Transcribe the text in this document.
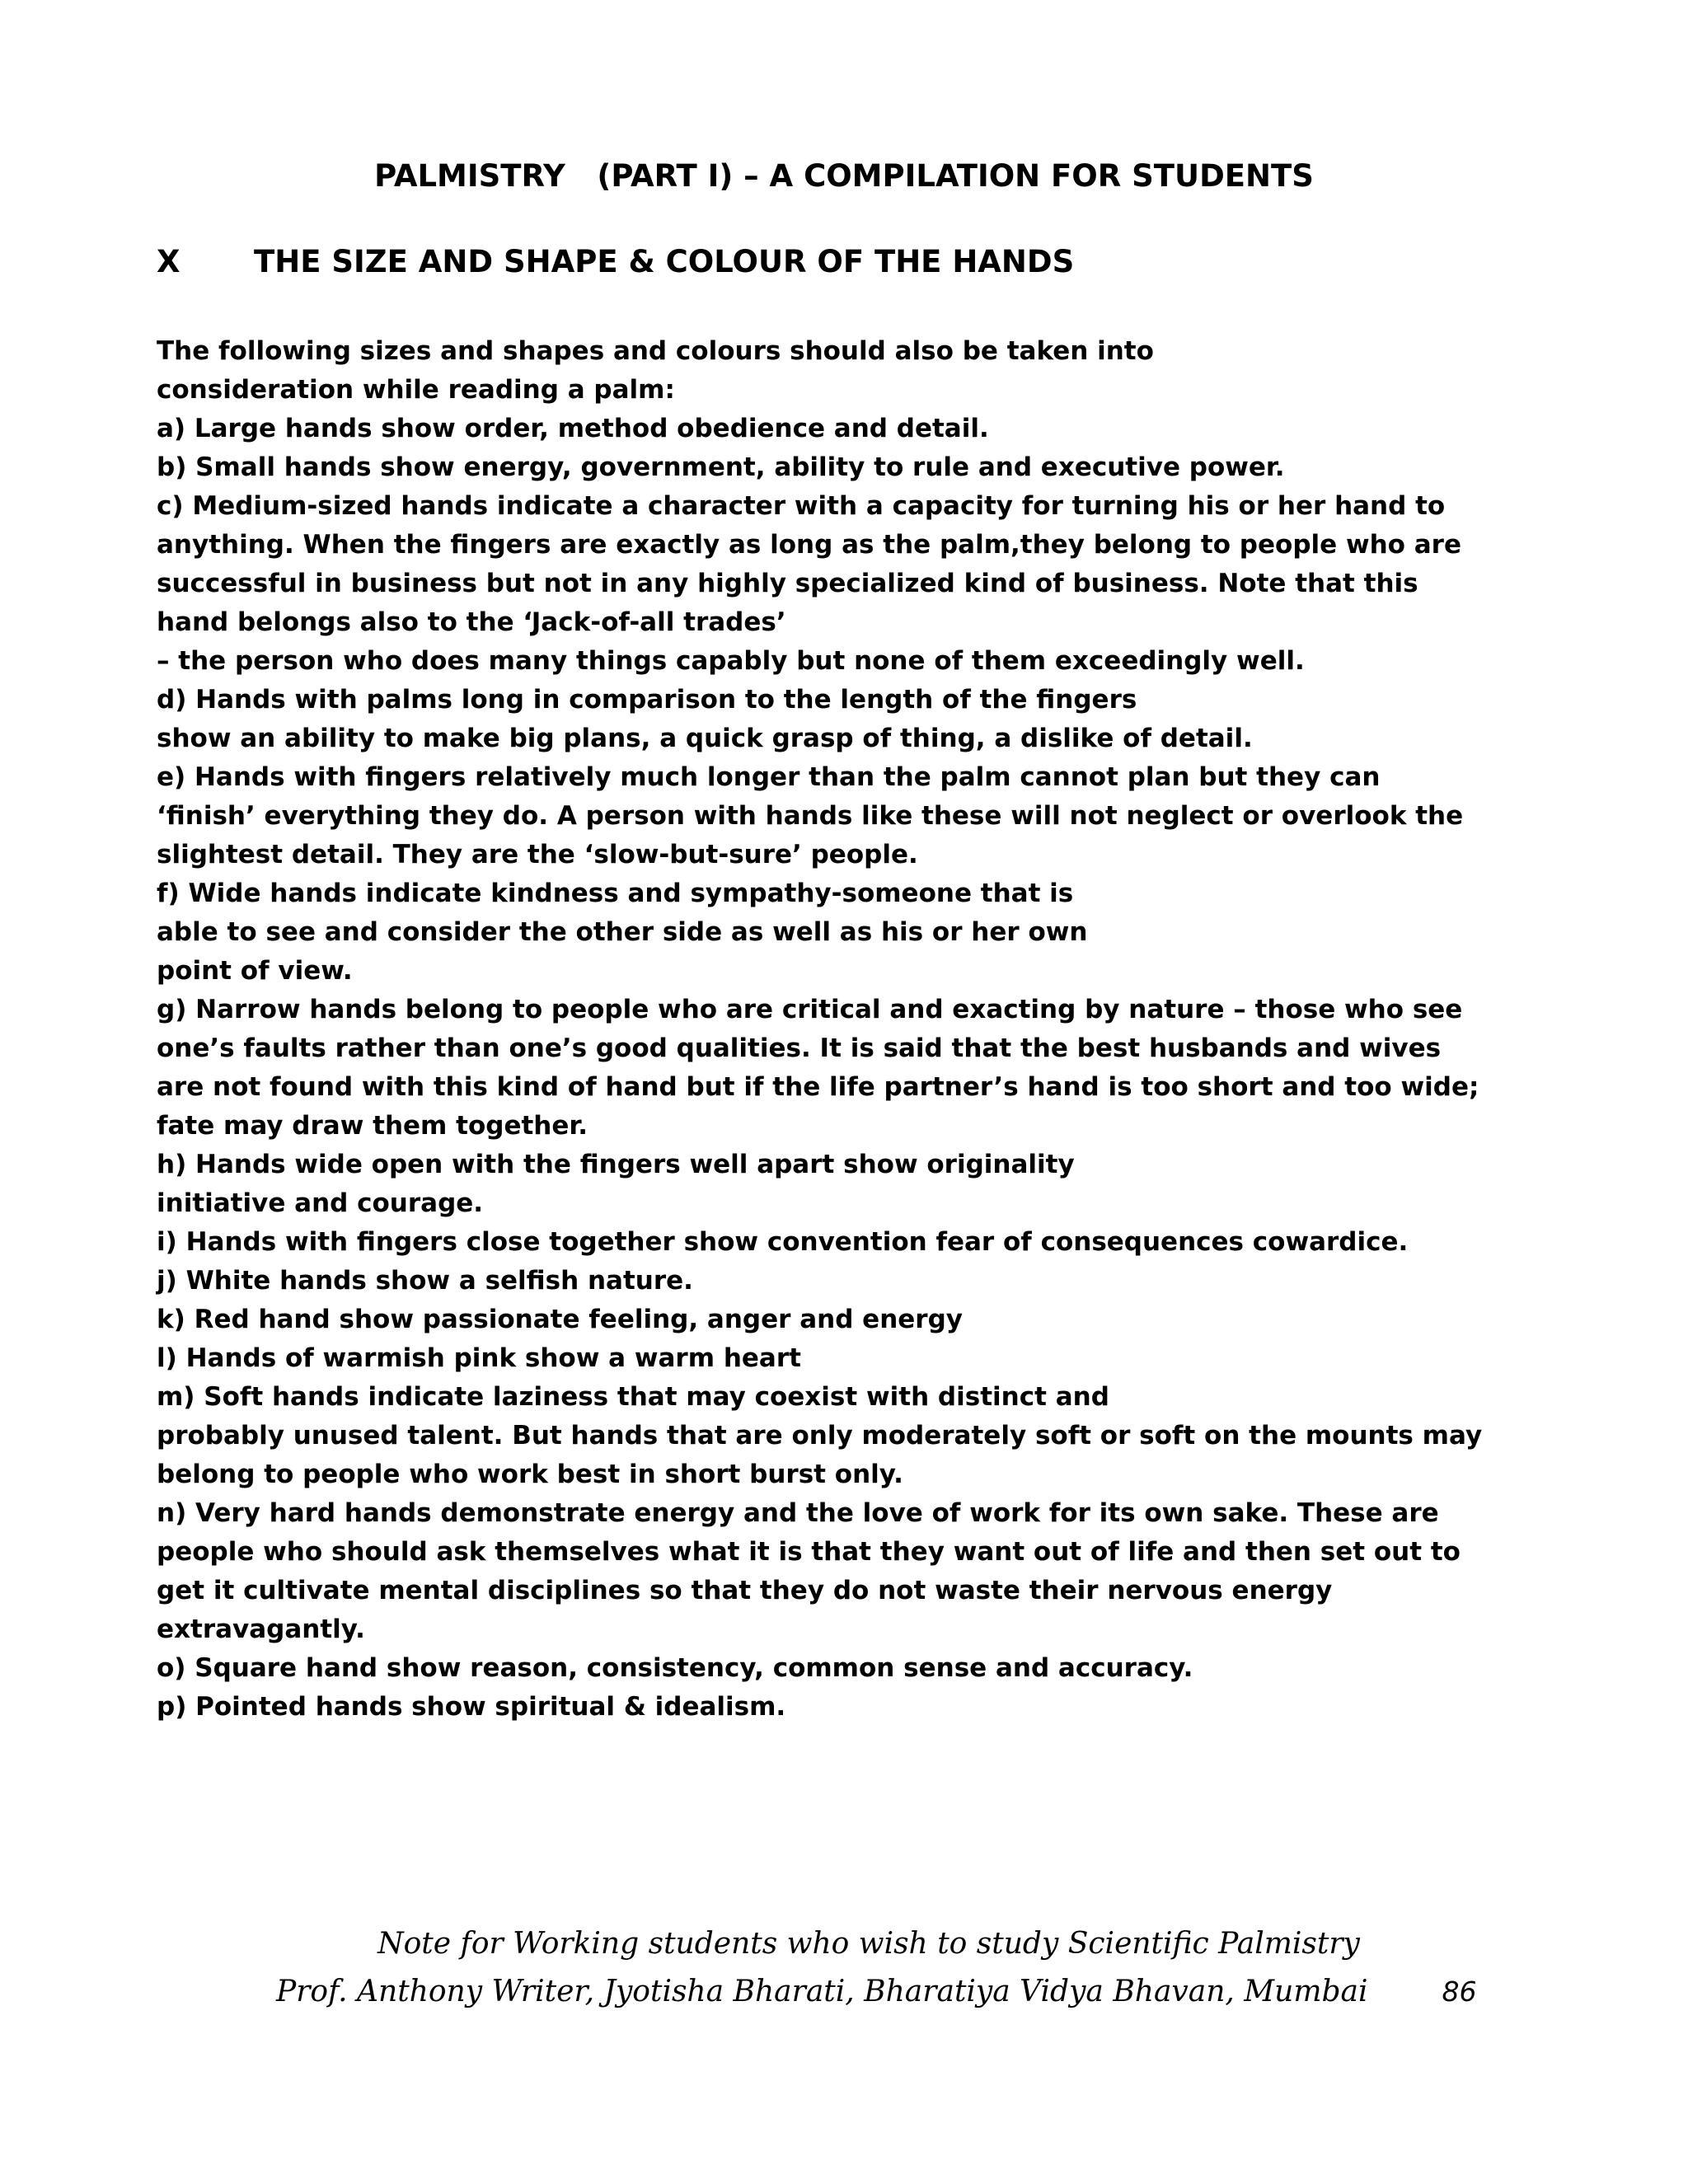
PALMISTRY   (PART I) – A COMPILATION FOR STUDENTS
X	THE SIZE AND SHAPE & COLOUR OF THE HANDS
The following sizes and shapes and colours should also be taken into
consideration while reading a palm:
a) Large hands show order, method obedience and detail.
b) Small hands show energy, government, ability to rule and executive power.
c) Medium-sized hands indicate a character with a capacity for turning his or her hand to
anything. When the fingers are exactly as long as the palm,they belong to people who are
successful in business but not in any highly specialized kind of business. Note that this
hand belongs also to the ‘Jack-of-all trades’
– the person who does many things capably but none of them exceedingly well.
d) Hands with palms long in comparison to the length of the fingers
show an ability to make big plans, a quick grasp of thing, a dislike of detail.
e) Hands with fingers relatively much longer than the palm cannot plan but they can
‘finish’ everything they do. A person with hands like these will not neglect or overlook the
slightest detail. They are the ‘slow-but-sure’ people.
f) Wide hands indicate kindness and sympathy-someone that is
able to see and consider the other side as well as his or her own
point of view.
g) Narrow hands belong to people who are critical and exacting by nature – those who see
one’s faults rather than one’s good qualities. It is said that the best husbands and wives
are not found with this kind of hand but if the life partner’s hand is too short and too wide;
fate may draw them together.
h) Hands wide open with the fingers well apart show originality
initiative and courage.
i) Hands with fingers close together show convention fear of consequences cowardice.
j) White hands show a selfish nature.
k) Red hand show passionate feeling, anger and energy
l) Hands of warmish pink show a warm heart
m) Soft hands indicate laziness that may coexist with distinct and
probably unused talent. But hands that are only moderately soft or soft on the mounts may
belong to people who work best in short burst only.
n) Very hard hands demonstrate energy and the love of work for its own sake. These are
people who should ask themselves what it is that they want out of life and then set out to
get it cultivate mental disciplines so that they do not waste their nervous energy
extravagantly.
o) Square hand show reason, consistency, common sense and accuracy.
p) Pointed hands show spiritual & idealism.
Note for Working students who wish to study Scientific Palmistry
Prof. Anthony Writer, Jyotisha Bharati, Bharatiya Vidya Bhavan, Mumbai	86
